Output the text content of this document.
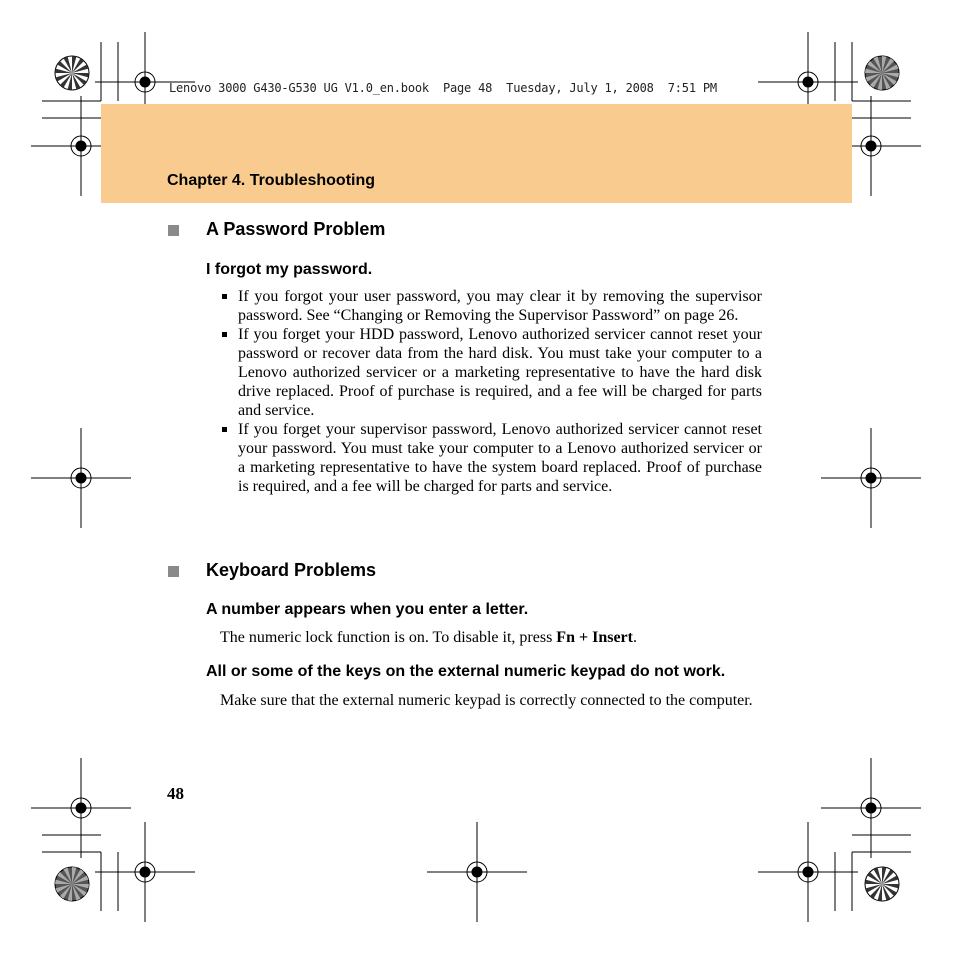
Lenovo 3000 G430-G530 UG V1.0_en.book  Page 48  Tuesday, July 1, 2008  7:51 PM
Chapter 4. Troubleshooting
A Password Problem
I forgot my password.
If you forgot your user password, you may clear it by removing the supervisor password. See “Changing or Removing the Supervisor Password” on page 26.
If you forget your HDD password, Lenovo authorized servicer cannot reset your password or recover data from the hard disk. You must take your computer to a Lenovo authorized servicer or a marketing representative to have the hard disk drive replaced. Proof of purchase is required, and a fee will be charged for parts and service.
If you forget your supervisor password, Lenovo authorized servicer cannot reset your password. You must take your computer to a Lenovo authorized servicer or a marketing representative to have the system board replaced. Proof of purchase is required, and a fee will be charged for parts and service.
Keyboard Problems
A number appears when you enter a letter.
The numeric lock function is on. To disable it, press Fn + Insert.
All or some of the keys on the external numeric keypad do not work.
Make sure that the external numeric keypad is correctly connected to the computer.
48
